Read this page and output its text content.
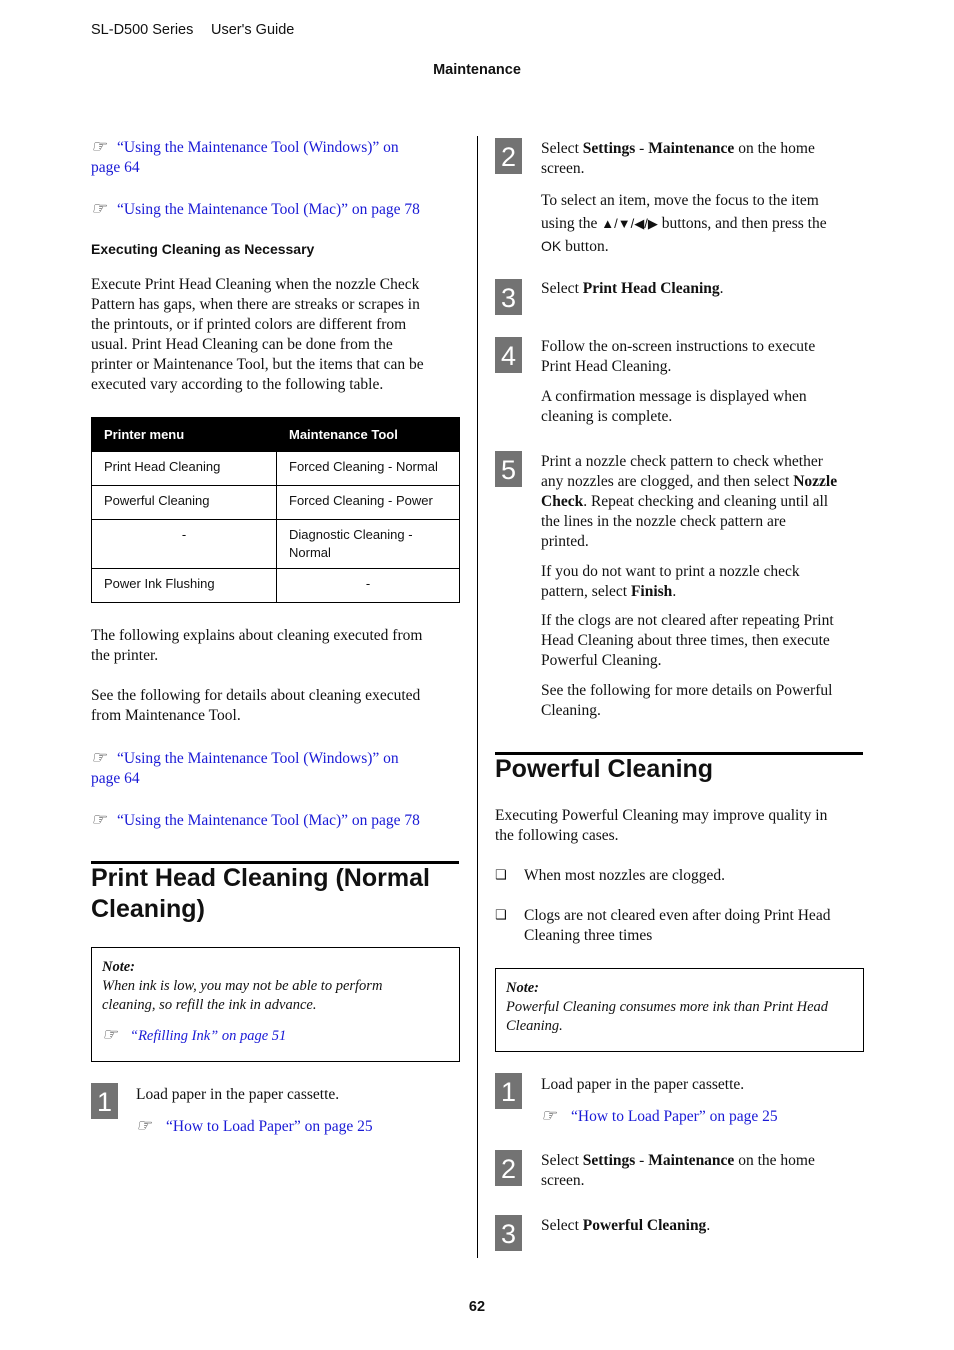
SL-D500 Series User's Guide
Maintenance
☞ “Using the Maintenance Tool (Windows)” on
page 64
☞ “Using the Maintenance Tool (Mac)” on page 78
Executing Cleaning as Necessary
Execute Print Head Cleaning when the nozzle Check
Pattern has gaps, when there are streaks or scrapes in
the printouts, or if printed colors are different from
usual. Print Head Cleaning can be done from the
printer or Maintenance Tool, but the items that can be
executed vary according to the following table.
Printer menu	Maintenance Tool
Print Head Cleaning	Forced Cleaning - Normal
Powerful Cleaning	Forced Cleaning - Power
-	Diagnostic Cleaning - Normal
Power Ink Flushing	-
The following explains about cleaning executed from
the printer.
See the following for details about cleaning executed
from Maintenance Tool.
☞ “Using the Maintenance Tool (Windows)” on
page 64
☞ “Using the Maintenance Tool (Mac)” on page 78
Print Head Cleaning (Normal
Cleaning)
Note:
When ink is low, you may not be able to perform
cleaning, so refill the ink in advance.
☞ “Refilling Ink” on page 51
1	Load paper in the paper cassette.
☞ “How to Load Paper” on page 25
2	Select Settings - Maintenance on the home
screen.
To select an item, move the focus to the item
using the ▲/▼/◀/▶ buttons, and then press the
OK button.
3	Select Print Head Cleaning.
4	Follow the on-screen instructions to execute
Print Head Cleaning.
A confirmation message is displayed when
cleaning is complete.
5	Print a nozzle check pattern to check whether
any nozzles are clogged, and then select Nozzle
Check. Repeat checking and cleaning until all
the lines in the nozzle check pattern are
printed.
If you do not want to print a nozzle check
pattern, select Finish.
If the clogs are not cleared after repeating Print
Head Cleaning about three times, then execute
Powerful Cleaning.
See the following for more details on Powerful
Cleaning.
Powerful Cleaning
Executing Powerful Cleaning may improve quality in
the following cases.
❑ When most nozzles are clogged.
❑ Clogs are not cleared even after doing Print Head
Cleaning three times
Note:
Powerful Cleaning consumes more ink than Print Head
Cleaning.
1	Load paper in the paper cassette.
☞ “How to Load Paper” on page 25
2	Select Settings - Maintenance on the home
screen.
3	Select Powerful Cleaning.
62
